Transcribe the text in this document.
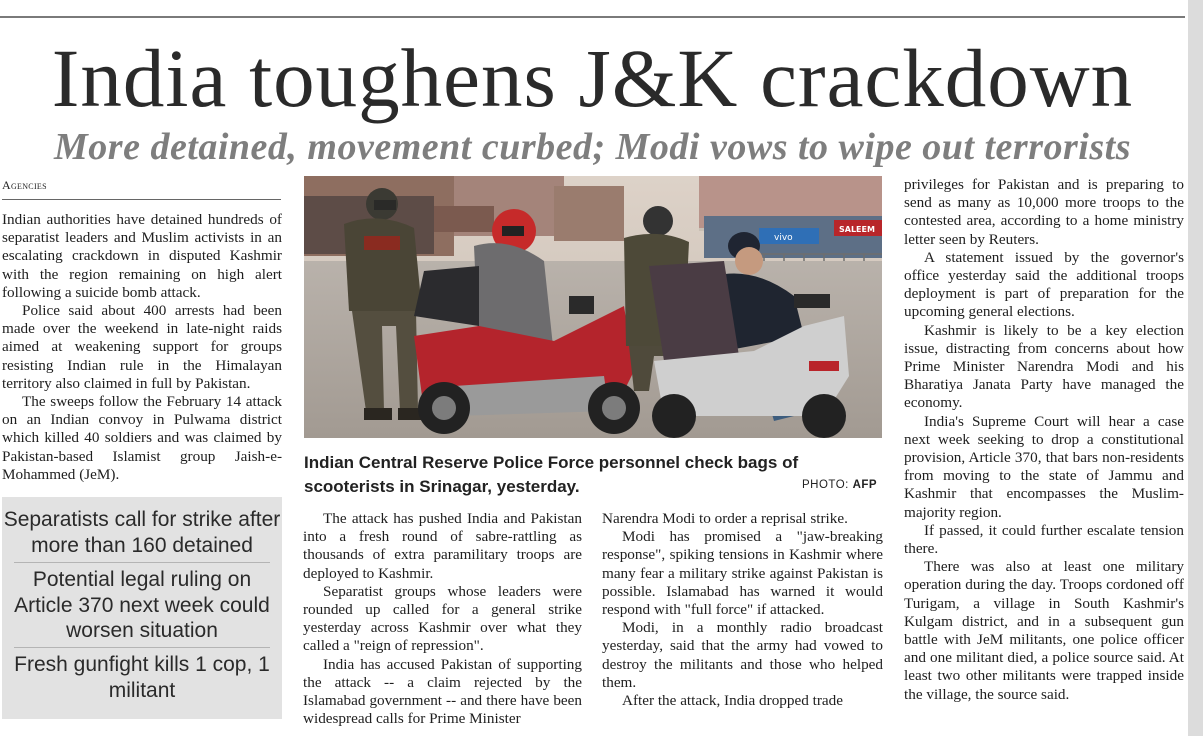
India toughens J&K crackdown
More detained, movement curbed; Modi vows to wipe out terrorists
Agencies

Indian authorities have detained hundreds of separatist leaders and Muslim activists in an escalating crackdown in disputed Kashmir with the region remaining on high alert following a suicide bomb attack.

Police said about 400 arrests had been made over the weekend in late-night raids aimed at weakening support for groups resisting Indian rule in the Himalayan territory also claimed in full by Pakistan.

The sweeps follow the February 14 attack on an Indian convoy in Pulwama district which killed 40 soldiers and was claimed by Pakistan-based Islamist group Jaish-e-Mohammed (JeM).

Separatists call for strike after more than 160 detained
Potential legal ruling on Article 370 next week could worsen situation
Fresh gunfight kills 1 cop, 1 militant
vivo
SALEEM
Indian Central Reserve Police Force personnel check bags of scooterists in Srinagar, yesterday.	PHOTO: AFP

The attack has pushed India and Pakistan into a fresh round of sabre-rattling as thousands of extra paramilitary troops are deployed to Kashmir.

Separatist groups whose leaders were rounded up called for a general strike yesterday across Kashmir over what they called a "reign of repression".

India has accused Pakistan of supporting the attack -- a claim rejected by the Islamabad government -- and there have been widespread calls for Prime Minister

Narendra Modi to order a reprisal strike.

Modi has promised a "jaw-breaking response", spiking tensions in Kashmir where many fear a military strike against Pakistan is possible. Islamabad has warned it would respond with "full force" if attacked.

Modi, in a monthly radio broadcast yesterday, said that the army had vowed to destroy the militants and those who helped them.

After the attack, India dropped trade

privileges for Pakistan and is preparing to send as many as 10,000 more troops to the contested area, according to a home ministry letter seen by Reuters.

A statement issued by the governor's office yesterday said the additional troops deployment is part of preparation for the upcoming general elections.

Kashmir is likely to be a key election issue, distracting from concerns about how Prime Minister Narendra Modi and his Bharatiya Janata Party have managed the economy.

India's Supreme Court will hear a case next week seeking to drop a constitutional provision, Article 370, that bars non-residents from moving to the state of Jammu and Kashmir that encompasses the Muslim-majority region.

If passed, it could further escalate tension there.

There was also at least one military operation during the day. Troops cordoned off Turigam, a village in South Kashmir's Kulgam district, and in a subsequent gun battle with JeM militants, one police officer and one militant died, a police source said. At least two other militants were trapped inside the village, the source said.
